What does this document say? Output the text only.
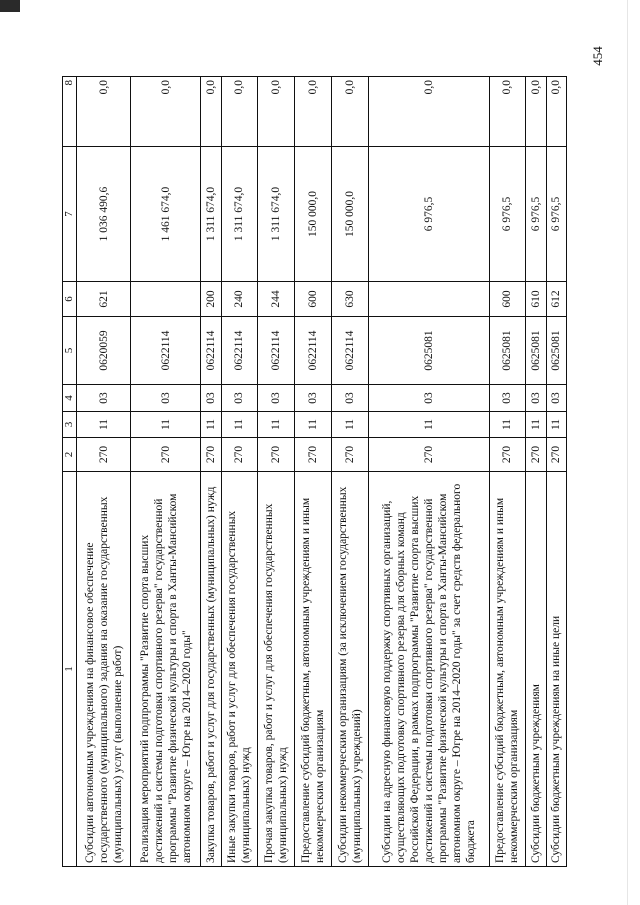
454
1	2	3	4	5	6	7	8
Субсидии автономным учреждениям на финансовое обеспечение государственного (муниципального) задания на оказание государственных (муниципальных) услуг (выполнение работ)	270	11	03	0620059	621	1 036 490,6	0,0
Реализация мероприятий подпрограммы "Развитие спорта высших достижений и системы подготовки спортивного резерва" государственной программы "Развитие физической культуры и спорта в Ханты-Мансийском автономном округе – Югре на 2014–2020 годы"	270	11	03	0622114		1 461 674,0	0,0
Закупка товаров, работ и услуг для государственных (муниципальных) нужд	270	11	03	0622114	200	1 311 674,0	0,0
Иные закупки товаров, работ и услуг для обеспечения государственных (муниципальных) нужд	270	11	03	0622114	240	1 311 674,0	0,0
Прочая закупка товаров, работ и услуг для обеспечения государственных (муниципальных) нужд	270	11	03	0622114	244	1 311 674,0	0,0
Предоставление субсидий бюджетным, автономным учреждениям и иным некоммерческим организациям	270	11	03	0622114	600	150 000,0	0,0
Субсидии некоммерческим организациям (за исключением государственных (муниципальных) учреждений)	270	11	03	0622114	630	150 000,0	0,0
Субсидии на адресную финансовую поддержку спортивных организаций, осуществляющих подготовку спортивного резерва для сборных команд Российской Федерации, в рамках подпрограммы "Развитие спорта высших достижений и системы подготовки спортивного резерва" государственной программы "Развитие физической культуры и спорта в Ханты-Мансийском автономном округе – Югре на 2014–2020 годы" за счет средств федерального бюджета	270	11	03	0625081		6 976,5	0,0
Предоставление субсидий бюджетным, автономным учреждениям и иным некоммерческим организациям	270	11	03	0625081	600	6 976,5	0,0
Субсидии бюджетным учреждениям	270	11	03	0625081	610	6 976,5	0,0
Субсидии бюджетным учреждениям на иные цели	270	11	03	0625081	612	6 976,5	0,0
